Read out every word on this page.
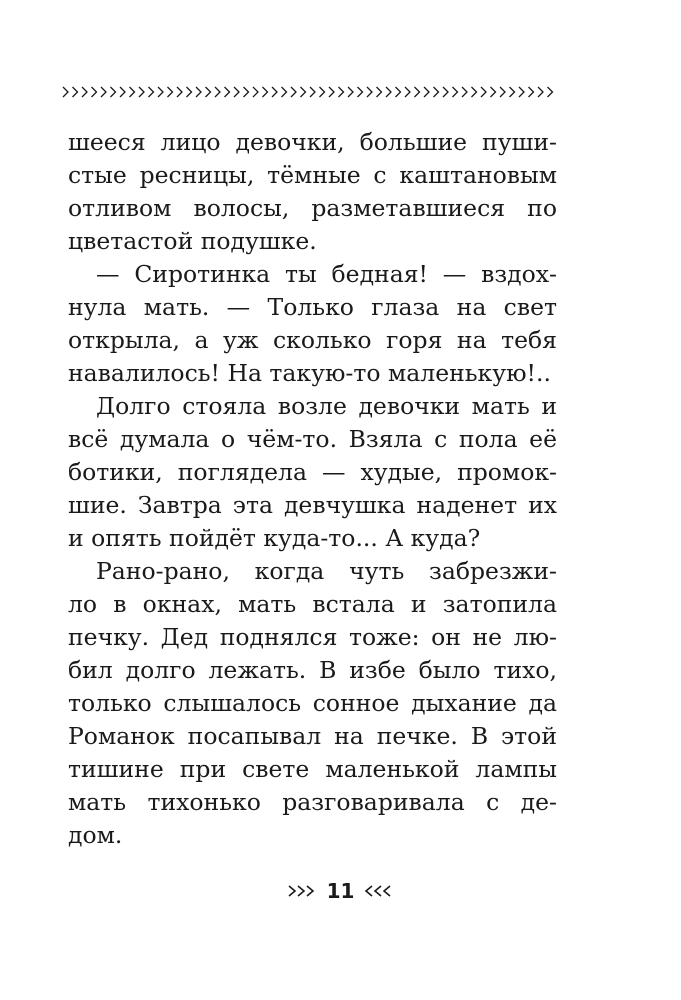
шееся лицо девочки, большие пуши-
стые ресницы, тёмные с каштановым
отливом волосы, разметавшиеся по
цветастой подушке.
— Сиротинка ты бедная! — вздох-
нула мать. — Только глаза на свет
открыла, а уж сколько горя на тебя
навалилось! На такую-то маленькую!..
Долго стояла возле девочки мать и
всё думала о чём-то. Взяла с пола её
ботики, поглядела — худые, промок-
шие. Завтра эта девчушка наденет их
и опять пойдёт куда-то... А куда?
Рано-рано, когда чуть забрезжи-
ло в окнах, мать встала и затопила
печку. Дед поднялся тоже: он не лю-
бил долго лежать. В избе было тихо,
только слышалось сонное дыхание да
Романок посапывал на печке. В этой
тишине при свете маленькой лампы
мать тихонько разговаривала с де-
дом.
11
